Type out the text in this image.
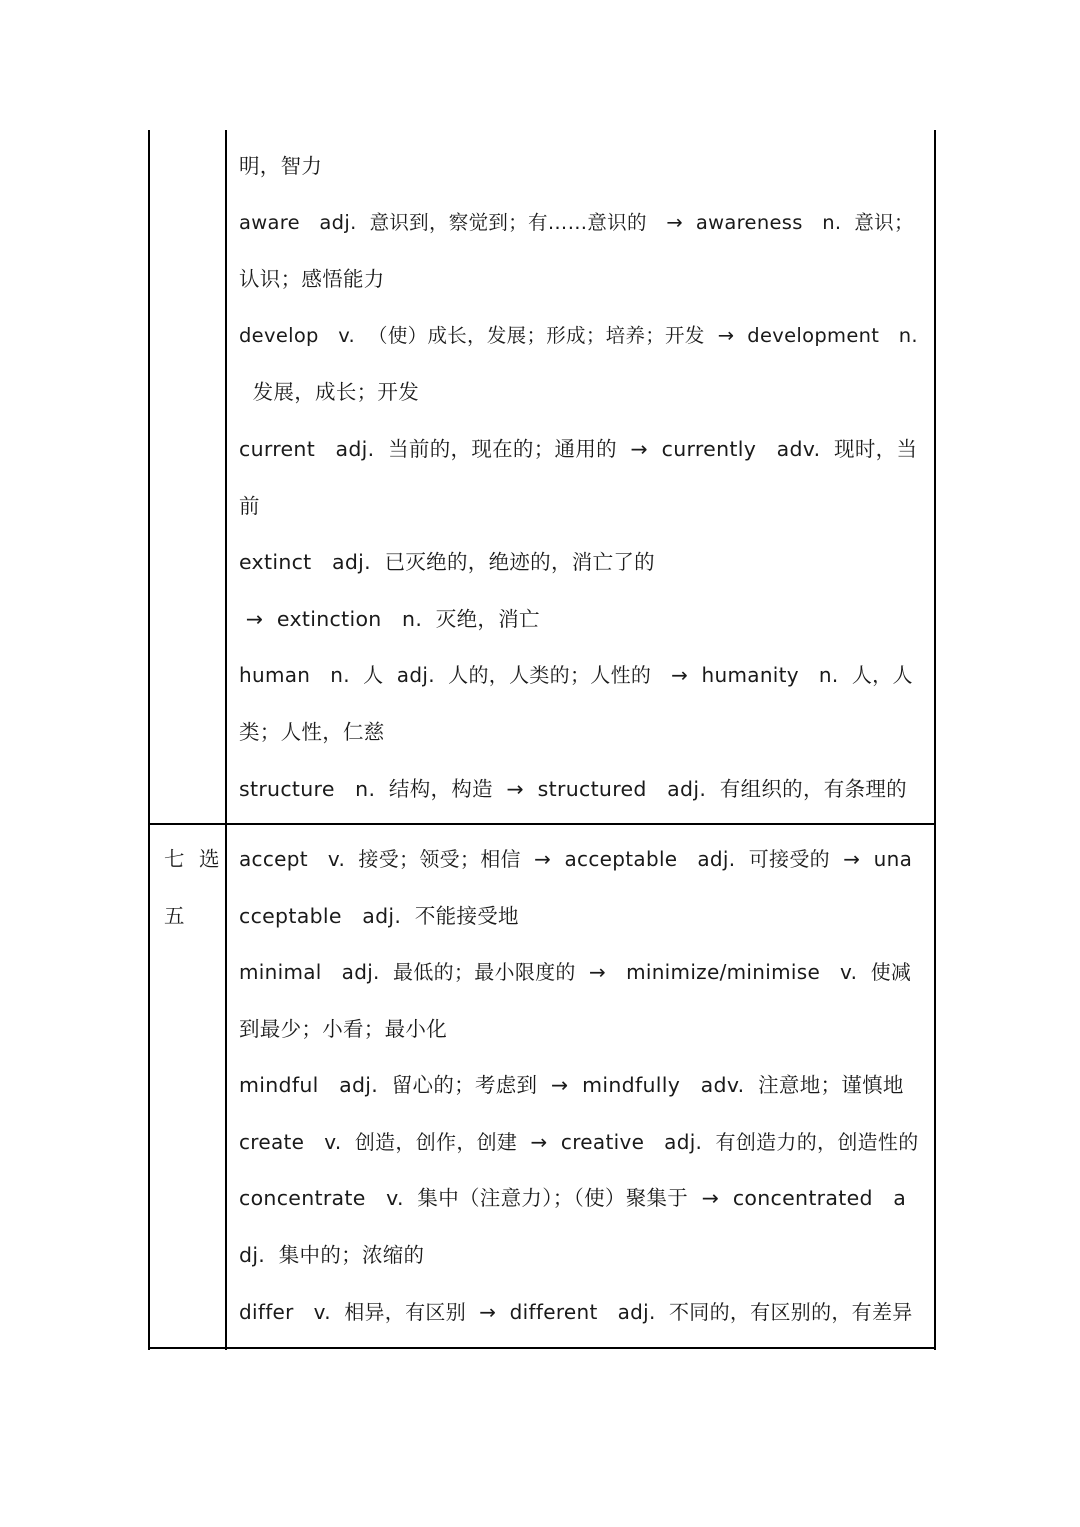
明，智力
aware   adj.  意识到，察觉到；有……意识的   →  awareness   n.  意识；
认识；感悟能力
develop   v.  （使）成长，发展；形成；培养；开发  →  development   n.
发展，成长；开发
current   adj.  当前的，现在的；通用的  →  currently   adv.  现时，当
前
extinct   adj.  已灭绝的，绝迹的，消亡了的
→  extinction   n.  灭绝，消亡
human   n.  人  adj.  人的，人类的；人性的   →  humanity   n.  人，人
类；人性，仁慈
structure   n.  结构，构造  →  structured   adj.  有组织的，有条理的
七 选
五
accept   v.  接受；领受；相信  →  acceptable   adj.  可接受的  →  una
cceptable   adj.  不能接受地
minimal   adj.  最低的；最小限度的  →   minimize/minimise   v.  使减
到最少；小看；最小化
mindful   adj.  留心的；考虑到  →  mindfully   adv.  注意地；谨慎地
create   v.  创造，创作，创建  →  creative   adj.  有创造力的，创造性的
concentrate   v.  集中（注意力）；（使）聚集于  →  concentrated   a
dj.  集中的；浓缩的
differ   v.  相异，有区别  →  different   adj.  不同的，有区别的，有差异
